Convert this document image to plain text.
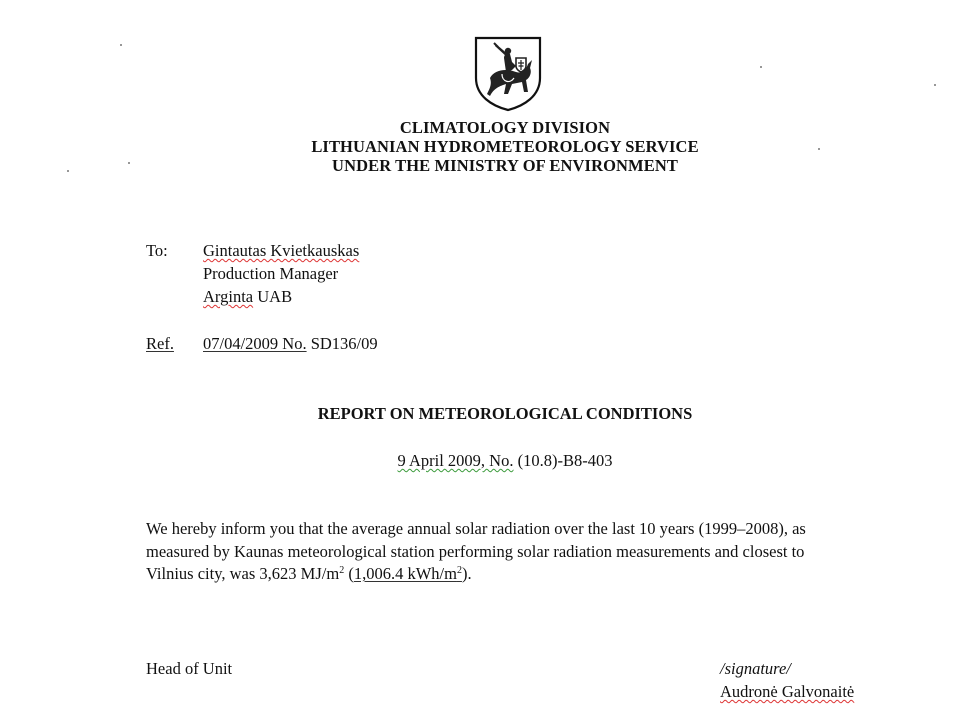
CLIMATOLOGY DIVISION
LITHUANIAN HYDROMETEOROLOGY SERVICE
UNDER THE MINISTRY OF ENVIRONMENT
To: Gintautas Kvietkauskas
Production Manager
Arginta UAB
Ref. 07/04/2009 No. SD136/09
REPORT ON METEOROLOGICAL CONDITIONS
9 April 2009, No. (10.8)-B8-403
We hereby inform you that the average annual solar radiation over the last 10 years (1999–2008), as
measured by Kaunas meteorological station performing solar radiation measurements and closest to
Vilnius city, was 3,623 $MJ/m^2$ (1,006.4 kWh/$m^2$).
Head of Unit	/signature/
Audronė Galvonaitė
